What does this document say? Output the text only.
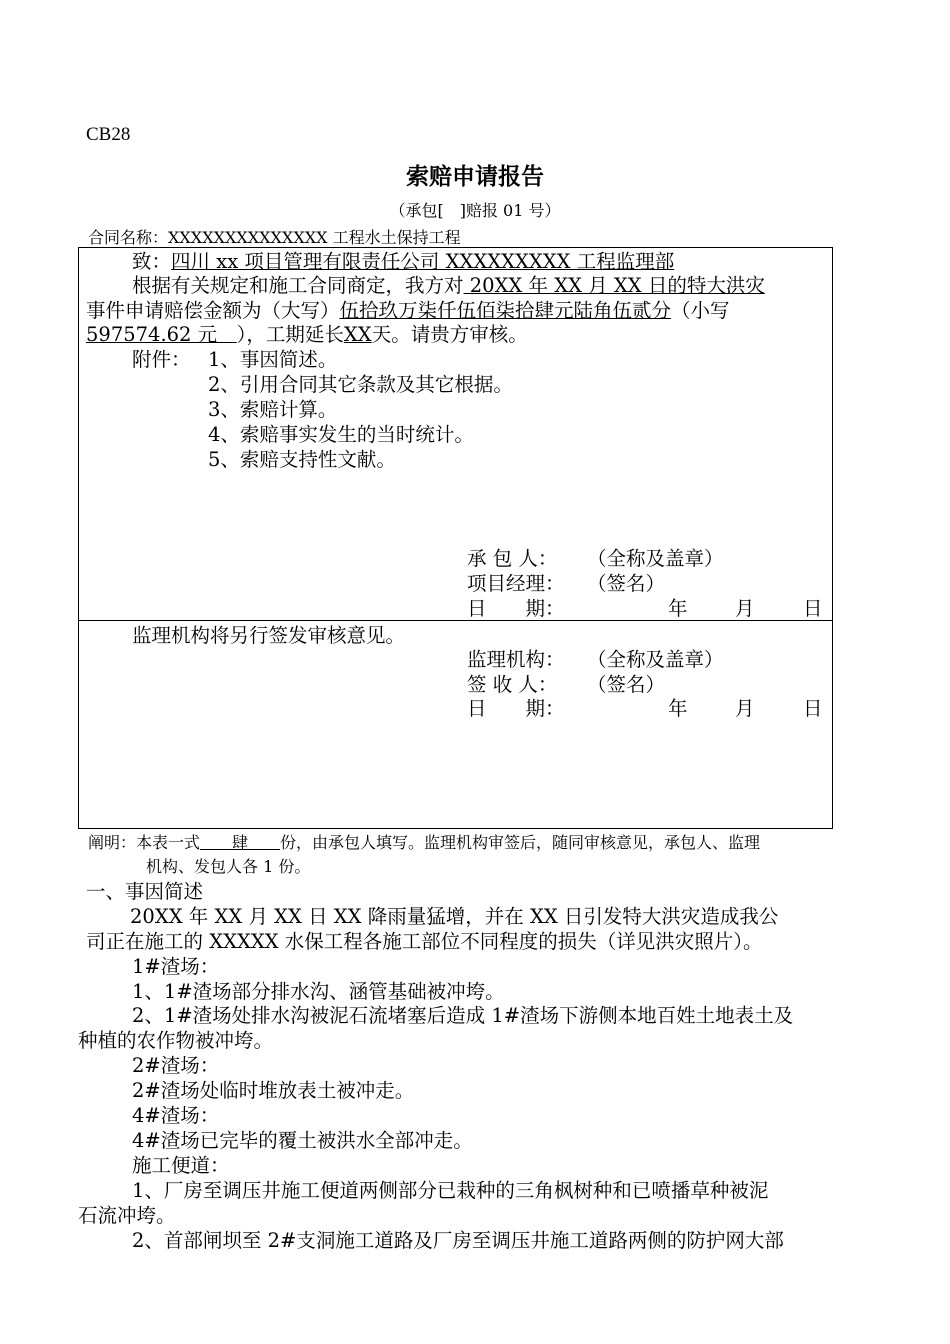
CB28
索赔申请报告
（承包[　]赔报 01 号）
合同名称：XXXXXXXXXXXXXX 工程水土保持工程
致：四川 xx 项目管理有限责任公司 XXXXXXXXX 工程监理部
根据有关规定和施工合同商定，我方对 20XX 年 XX 月 XX 日的特大洪灾
事件申请赔偿金额为（大写）伍拾玖万柒仟伍佰柒拾肆元陆角伍贰分（小写
597574.62 元　），工期延长XX天。请贵方审核。
附件： 1、事因简述。
2、引用合同其它条款及其它根据。
3、索赔计算。
4、索赔事实发生的当时统计。
5、索赔支持性文献。
承 包 人： （全称及盖章）
项目经理： （签名）
日　　期：	年 月 日
监理机构将另行签发审核意见。
监理机构： （全称及盖章）
签 收 人： （签名）
日　　期：	年 月 日
阐明：本表一式　　肆　　份，由承包人填写。监理机构审签后，随同审核意见，承包人、监理
机构、发包人各 1 份。
一、事因简述
20XX 年 XX 月 XX 日 XX 降雨量猛增，并在 XX 日引发特大洪灾造成我公
司正在施工的 XXXXX 水保工程各施工部位不同程度的损失（详见洪灾照片）。
1#渣场：
1、1#渣场部分排水沟、涵管基础被冲垮。
2、1#渣场处排水沟被泥石流堵塞后造成 1#渣场下游侧本地百姓土地表土及
种植的农作物被冲垮。
2#渣场：
2#渣场处临时堆放表土被冲走。
4#渣场：
4#渣场已完毕的覆土被洪水全部冲走。
施工便道：
1、厂房至调压井施工便道两侧部分已栽种的三角枫树种和已喷播草种被泥
石流冲垮。
2、首部闸坝至 2#支洞施工道路及厂房至调压井施工道路两侧的防护网大部
